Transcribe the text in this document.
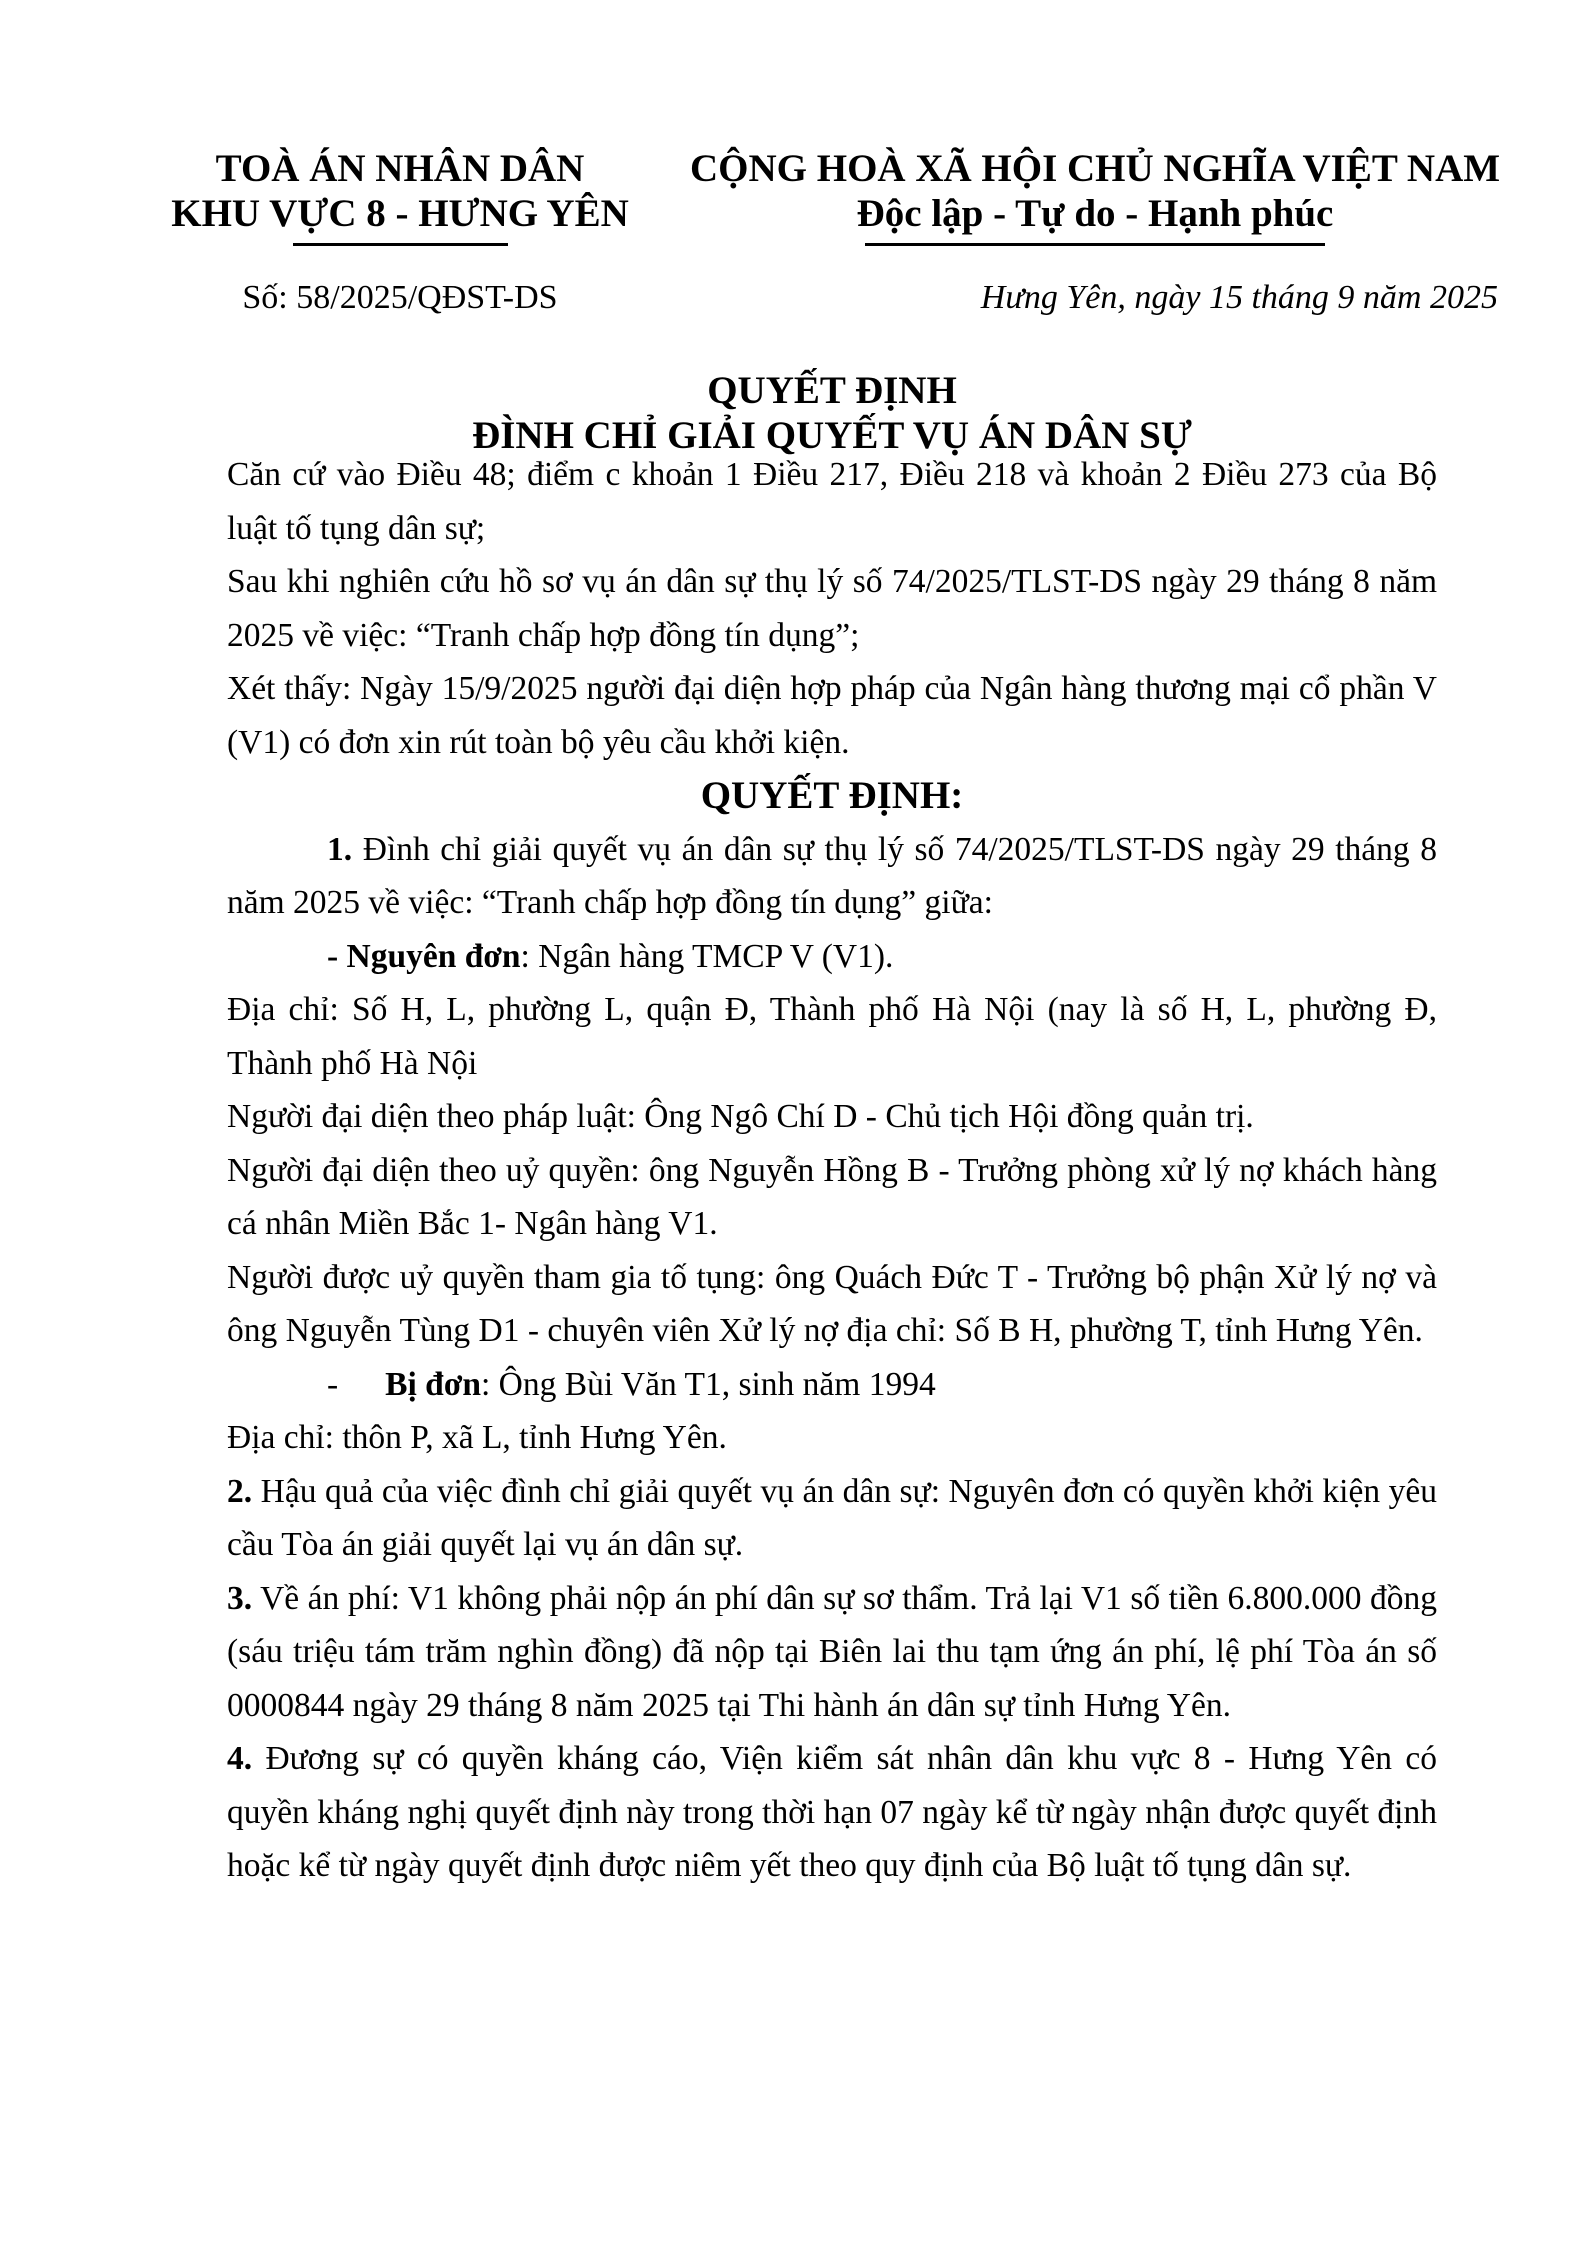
TOÀ ÁN NHÂN DÂN
KHU VỰC 8 - HƯNG YÊN
Số: 58/2025/QĐST-DS
CỘNG HOÀ XÃ HỘI CHỦ NGHĨA VIỆT NAM
Độc lập - Tự do - Hạnh phúc
Hưng Yên, ngày 15 tháng 9 năm 2025
QUYẾT ĐỊNH
ĐÌNH CHỈ GIẢI QUYẾT VỤ ÁN DÂN SỰ

Căn cứ vào Điều 48; điểm c khoản 1 Điều 217, Điều 218 và khoản 2 Điều 273 của Bộ luật tố tụng dân sự;

Sau khi nghiên cứu hồ sơ vụ án dân sự thụ lý số 74/2025/TLST-DS ngày 29 tháng 8 năm 2025 về việc: “Tranh chấp hợp đồng tín dụng”;

Xét thấy: Ngày 15/9/2025 người đại diện hợp pháp của Ngân hàng thương mại cổ phần V (V1) có đơn xin rút toàn bộ yêu cầu khởi kiện.

QUYẾT ĐỊNH:

1. Đình chỉ giải quyết vụ án dân sự thụ lý số 74/2025/TLST-DS ngày 29 tháng 8 năm 2025 về việc: “Tranh chấp hợp đồng tín dụng” giữa:

- Nguyên đơn: Ngân hàng TMCP V (V1).

Địa chỉ: Số H, L, phường L, quận Đ, Thành phố Hà Nội (nay là số H, L, phường Đ, Thành phố Hà Nội

Người đại diện theo pháp luật: Ông Ngô Chí D - Chủ tịch Hội đồng quản trị.

Người đại diện theo uỷ quyền: ông Nguyễn Hồng B - Trưởng phòng xử lý nợ khách hàng cá nhân Miền Bắc 1- Ngân hàng V1.

Người được uỷ quyền tham gia tố tụng: ông Quách Đức T - Trưởng bộ phận Xử lý nợ và ông Nguyễn Tùng D1 - chuyên viên Xử lý nợ địa chỉ: Số B H, phường T, tỉnh Hưng Yên.

- Bị đơn: Ông Bùi Văn T1, sinh năm 1994

Địa chỉ: thôn P, xã L, tỉnh Hưng Yên.

2. Hậu quả của việc đình chỉ giải quyết vụ án dân sự: Nguyên đơn có quyền khởi kiện yêu cầu Tòa án giải quyết lại vụ án dân sự.

3. Về án phí: V1 không phải nộp án phí dân sự sơ thẩm. Trả lại V1 số tiền 6.800.000 đồng (sáu triệu tám trăm nghìn đồng) đã nộp tại Biên lai thu tạm ứng án phí, lệ phí Tòa án số 0000844 ngày 29 tháng 8 năm 2025 tại Thi hành án dân sự tỉnh Hưng Yên.

4. Đương sự có quyền kháng cáo, Viện kiểm sát nhân dân khu vực 8 - Hưng Yên có quyền kháng nghị quyết định này trong thời hạn 07 ngày kể từ ngày nhận được quyết định hoặc kể từ ngày quyết định được niêm yết theo quy định của Bộ luật tố tụng dân sự.
